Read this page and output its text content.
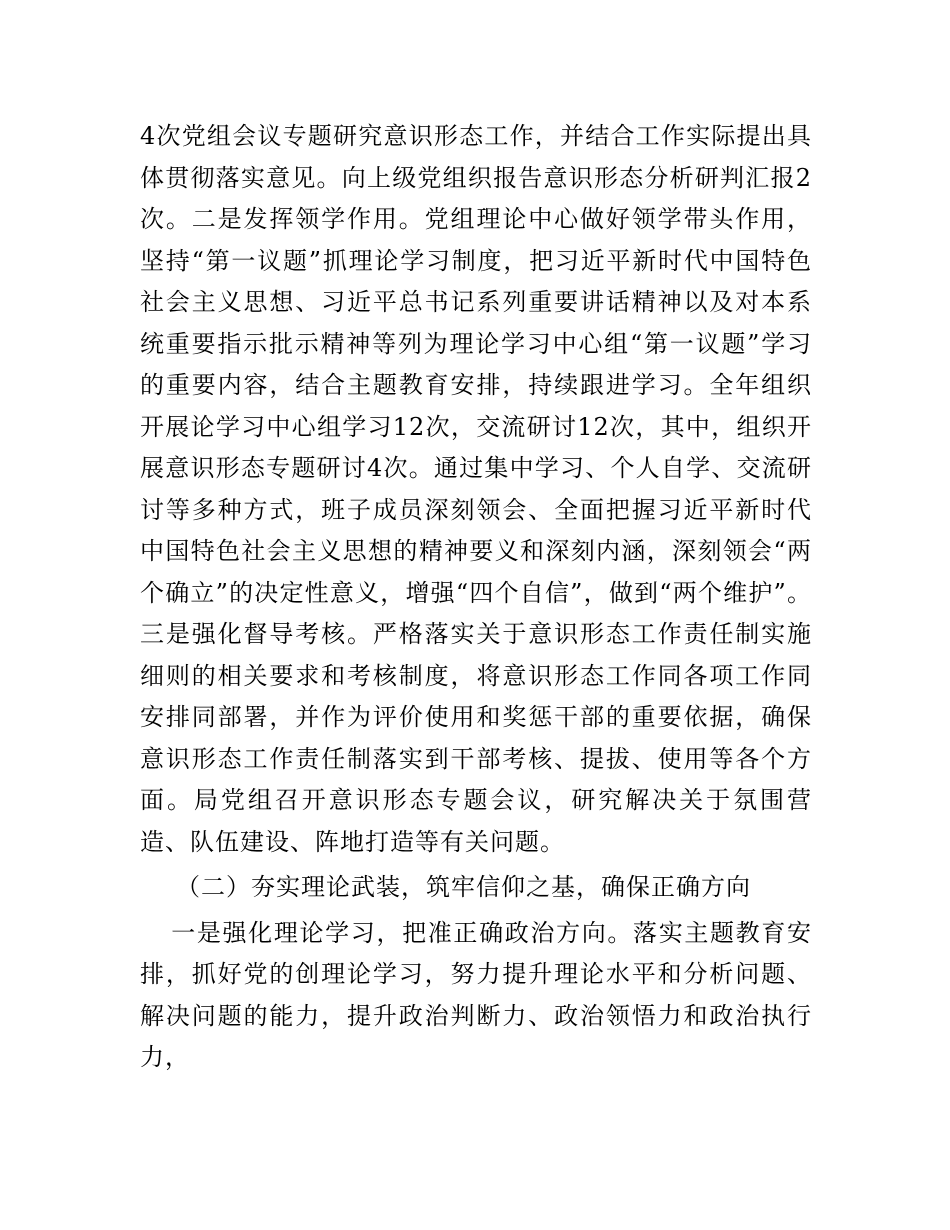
4次党组会议专题研究意识形态工作，并结合工作实际提出具体贯彻落实意见。向上级党组织报告意识形态分析研判汇报2次。二是发挥领学作用。党组理论中心做好领学带头作用，坚持“第一议题”抓理论学习制度，把习近平新时代中国特色社会主义思想、习近平总书记系列重要讲话精神以及对本系统重要指示批示精神等列为理论学习中心组“第一议题”学习的重要内容，结合主题教育安排，持续跟进学习。全年组织开展论学习中心组学习12次，交流研讨12次，其中，组织开展意识形态专题研讨4次。通过集中学习、个人自学、交流研讨等多种方式，班子成员深刻领会、全面把握习近平新时代中国特色社会主义思想的精神要义和深刻内涵，深刻领会“两个确立”的决定性意义，增强“四个自信”，做到“两个维护”。三是强化督导考核。严格落实关于意识形态工作责任制实施细则的相关要求和考核制度，将意识形态工作同各项工作同安排同部署，并作为评价使用和奖惩干部的重要依据，确保意识形态工作责任制落实到干部考核、提拔、使用等各个方面。局党组召开意识形态专题会议，研究解决关于氛围营造、队伍建设、阵地打造等有关问题。

（二）夯实理论武装，筑牢信仰之基，确保正确方向

一是强化理论学习，把准正确政治方向。落实主题教育安排，抓好党的创理论学习，努力提升理论水平和分析问题、解决问题的能力，提升政治判断力、政治领悟力和政治执行力，
